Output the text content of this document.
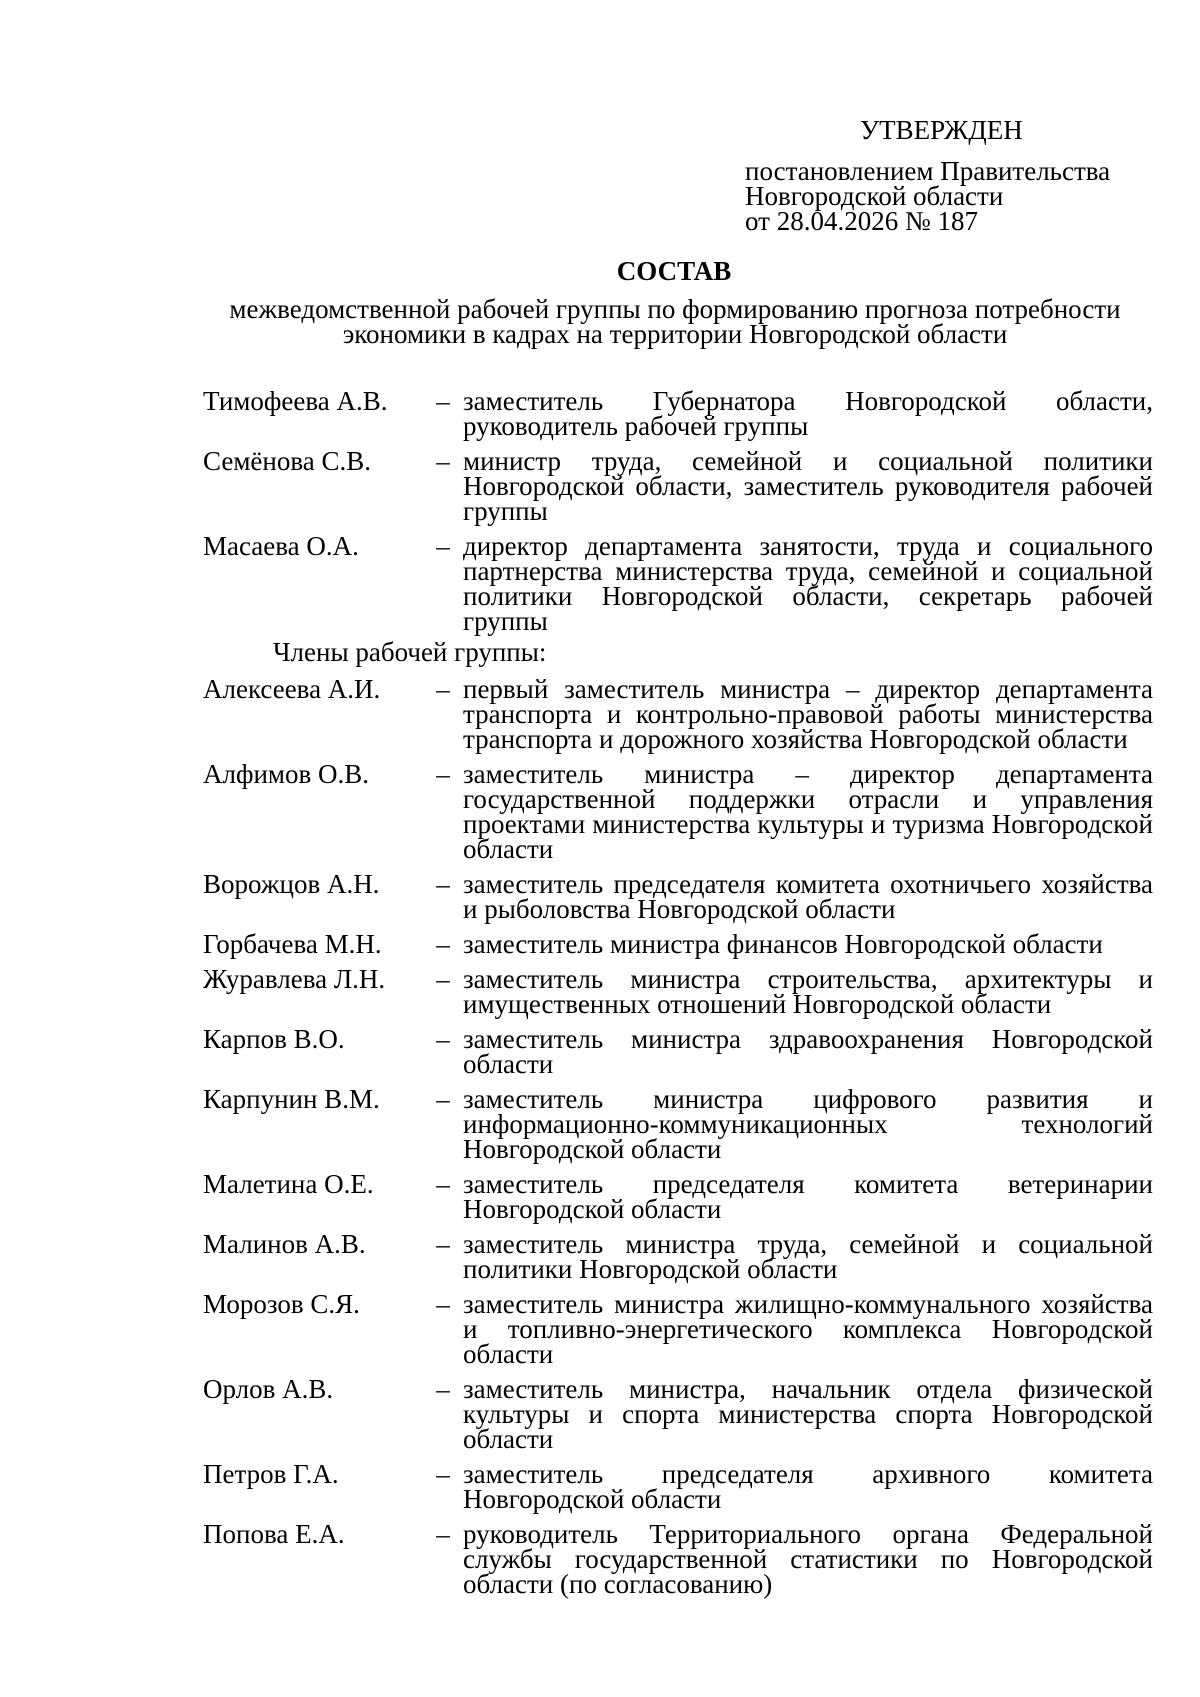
УТВЕРЖДЕН
постановлением Правительства
Новгородской области
от 28.04.2026 № 187
СОСТАВ
межведомственной рабочей группы по формированию прогноза потребности
экономики в кадрах на территории Новгородской области
Тимофеева А.В.	– заместитель Губернатора Новгородской области, руководитель рабочей группы
Семёнова С.В.	– министр труда, семейной и социальной политики Новгородской области, заместитель руководителя рабочей группы
Масаева О.А.	– директор департамента занятости, труда и социального партнерства министерства труда, семейной и социальной политики Новгородской области, секретарь рабочей группы
Члены рабочей группы:
Алексеева А.И.	– первый заместитель министра – директор департамента транспорта и контрольно-правовой работы министерства транспорта и дорожного хозяйства Новгородской области
Алфимов О.В.	– заместитель министра – директор департамента государственной поддержки отрасли и управления проектами министерства культуры и туризма Новгородской области
Ворожцов А.Н.	– заместитель председателя комитета охотничьего хозяйства и рыболовства Новгородской области
Горбачева М.Н.	– заместитель министра финансов Новгородской области
Журавлева Л.Н.	– заместитель министра строительства, архитектуры и имущественных отношений Новгородской области
Карпов В.О.	– заместитель министра здравоохранения Новгородской области
Карпунин В.М.	– заместитель министра цифрового развития и информационно-коммуникационных технологий Новгородской области
Малетина О.Е.	– заместитель председателя комитета ветеринарии Новгородской области
Малинов А.В.	– заместитель министра труда, семейной и социальной политики Новгородской области
Морозов С.Я.	– заместитель министра жилищно-коммунального хозяйства и топливно-энергетического комплекса Новгородской области
Орлов А.В.	– заместитель министра, начальник отдела физической культуры и спорта министерства спорта Новгородской области
Петров Г.А.	– заместитель председателя архивного комитета Новгородской области
Попова Е.А.	– руководитель Территориального органа Федеральной службы государственной статистики по Новгородской области (по согласованию)
